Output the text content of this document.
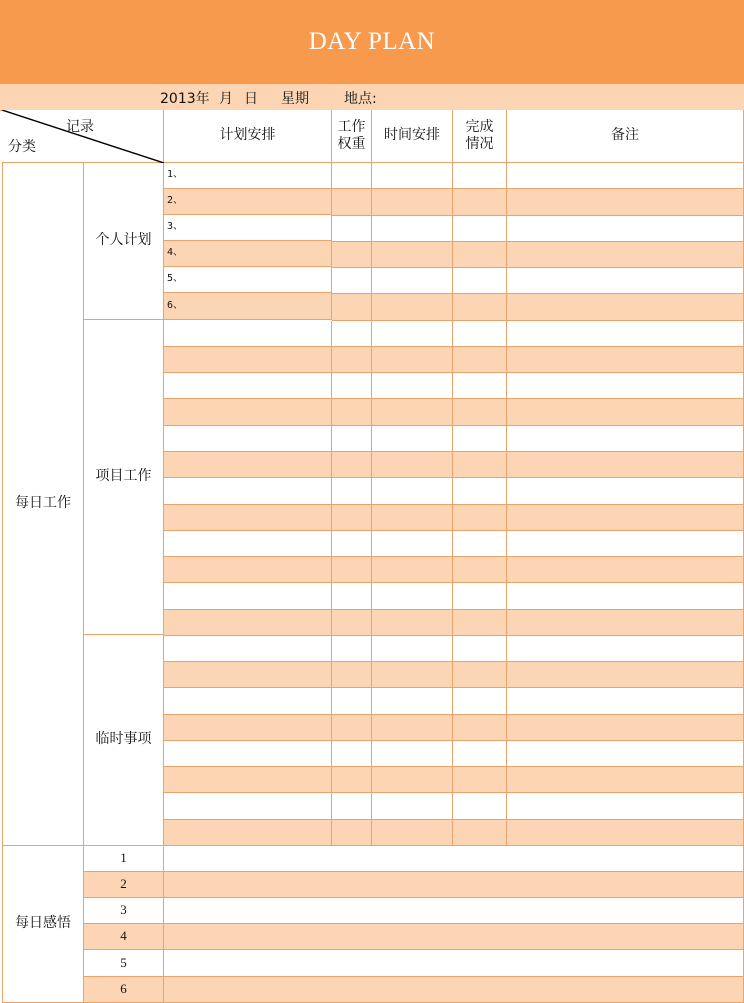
DAY PLAN
2013年 月 日 星期	地点:
记录
分类
计划安排
工作权重
时间安排
完成情况
备注
每日工作
个人计划
项目工作
临时事项
每日感悟
1、
2、
3、
4、
5、
6、
1
2
3
4
5
6
